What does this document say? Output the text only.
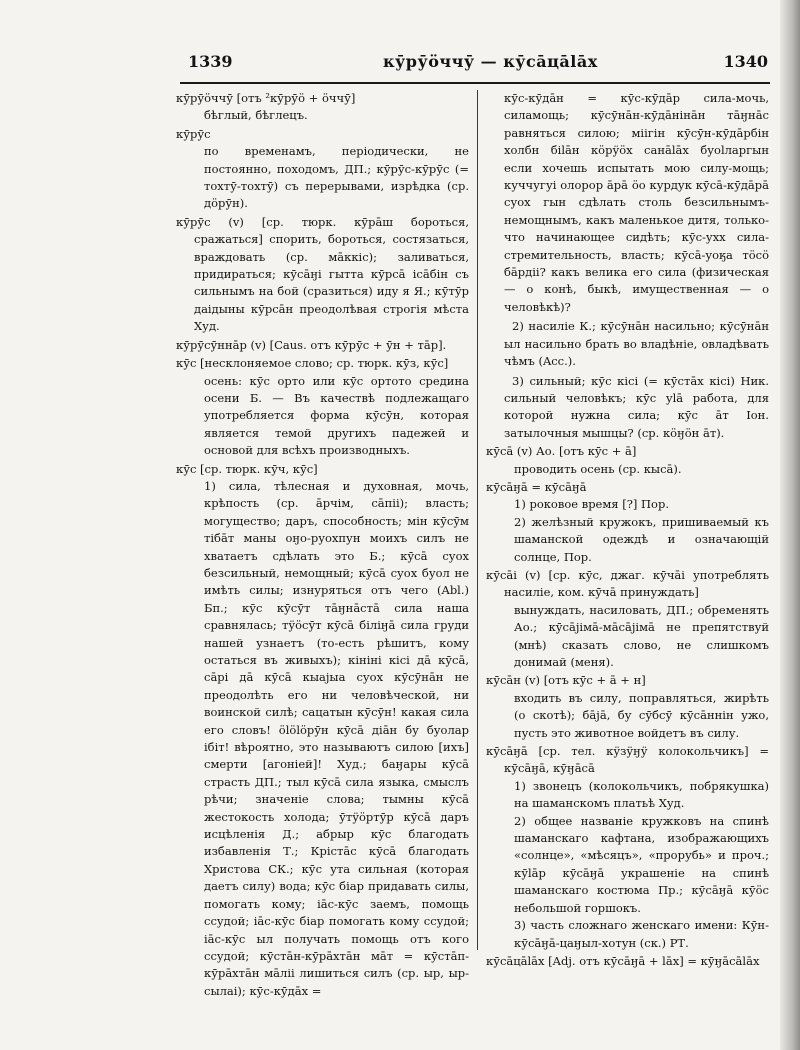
1339	кӯрӯӧччӯ — кӯсāцālāх	1340

кӯрӯӧччӯ [отъ ²кӯрӯӧ + ӧччӯ]

бѣглый, бѣглецъ.

кӯрӯс

по временамъ, періодически, не постоянно, походомъ, ДП.; кӯрӯс-кӯрӯс (= тохтӯ-тохтӯ) съ перерывами, изрѣдка (ср. дӧрӯн).

кӯрӯс (v) [ср. тюрк. кӯрāш бороться, сражаться] спорить, бороться, состязаться, враждовать (ср. мāккіс); заливаться, придираться; кӯсāӈі гытта кӯрсā ісāбін съ сильнымъ на бой (сразиться) иду я Я.; кӯтӯр даідыны кӯрсāн преодолѣвая строгія мѣста Худ.

кӯрӯсӯннāр (v) [Caus. отъ кӯрӯс + ӯн + тāр].

кӯс [несклоняемое слово; ср. тюрк. кӯз, кӯс]

осень: кӯс орто или кӯс ортото средина осени Б. — Въ качествѣ подлежащаго употребляется форма кӯсӯн, которая является темой другихъ падежей и основой для всѣхъ производныхъ.

кӯс [ср. тюрк. кӯч, кӯс]

1) сила, тѣлесная и духовная, мочь, крѣпость (ср. āрчім, сāпіі); власть; могущество; даръ, способность; мін кӯсӯм тібāт маны оӈо-руохпун моихъ силъ не хватаетъ сдѣлать это Б.; кӯсā суох безсильный, немощный; кӯсā суох буол не имѣть силы; изнуряться отъ чего (Abl.) Бп.; кӯс кӯсӯт тāӈнāстā сила наша сравнялась; тӱӧсӯт кӯсā біліӈā сила груди нашей узнаетъ (то-есть рѣшитъ, кому остаться въ живыхъ); кініні кісі дā кӯсā, сāрі дā кӯсā кыаjыа суох кӯсӯнāн не преодолѣть его ни человѣческой, ни воинской силѣ; сацатын кӯсӯн! какая сила его словъ! ӧlӧlӧрӯн кӯсā діāн бу буолар ібіт! вѣроятно, это называютъ силою [ихъ] смерти [агоніей]! Худ.; баӈары кӯсā страсть ДП.; тыл кӯсā сила языка, смыслъ рѣчи; значеніе слова; тымны кӯсā жестокость холода; ӯтӱӧртӯр кӯсā даръ исцѣленія Д.; абрыр кӯс благодать избавленія Т.; Крістāс кӯсā благодать Христова СК.; кӯс ута сильная (которая даетъ силу) вода; кӯс біар придавать силы, помогать кому; іāс-кӯс заемъ, помощь ссудой; іāс-кӯс біар помогать кому ссудой; іāс-кӯс ыл получать помощь отъ кого ссудой; кӯстāн-кӯрāхтāн мāт = кӯстāп-кӯрāхтāн мāліі лишиться силъ (ср. ыр, ыр-сылаі); кӯс-кӯдāх =

кӯс-кӯдāн = кӯс-кӯдāр сила-мочь, силамощь; кӯсӯнāн-кӯдāнінāн тāӈнāс равняться силою; міігін кӯсӯн-кӯдāрбін холбн біlāн кӧрӱӧх санālāх буоlларгын если хочешь испытать мою силу-мощь; куччугуі олорор āрā ӧо курдук кӯсā-кӯдāрā суох гын сдѣлать столь безсильнымъ-немощнымъ, какъ маленькое дитя, только-что начинающее сидѣть; кӯс-ухх сила-стремительность, власть; кӯсā-уоӄа тӧсӧ бāрдіі? какъ велика его сила (физическая — о конѣ, быкѣ, имущественная — о человѣкѣ)?

2) насиліе К.; кӯсӯнāн насильно; кӯсӯнāн ыл насильно брать во владѣніе, овладѣвать чѣмъ (Acc.).

3) сильный; кӯс кісі (= кӯстāх кісі) Ник. сильный человѣкъ; кӯс уlā работа, для которой нужна сила; кӯс āт Іон. затылочныя мышцы? (ср. кӧӈӧн āт).

кӯсā (v) Ао. [отъ кӯс + ā]

проводить осень (ср. кысā).

кӯсāӈā = кӯсāӈā

1) роковое время [?] Пор.
2) желѣзный кружокъ, пришиваемый къ шаманской одеждѣ и означающій солнце, Пор.

кӯсāі (v) [ср. кӯс, джаг. кӯчāі употреблять насиліе, ком. кӯчā принуждать]

вынуждать, насиловать, ДП.; обременять Ао.; кӯсājімā-мāсājімā не препятствуй (мнѣ) сказать слово, не слишкомъ донимай (меня).

кӯсāн (v) [отъ кӯс + ā + н]

входить въ силу, поправляться, жирѣть (о скотѣ); бājā, бу сӯбсӯ кӯсāннін ужо, пусть это животное войдетъ въ силу.

кӯсāӈā [ср. тел. кӱзӱӈӱ колокольчикъ] = кӯсāӈā, кӯӈāсā

1) звонецъ (колокольчикъ, побрякушка) на шаманскомъ платьѣ Худ.
2) общее названіе кружковъ на спинѣ шаманскаго кафтана, изображающихъ «солнце», «мѣсяцъ», «прорубь» и проч.; кӯlāр кӯсāӈā украшеніе на спинѣ шаманскаго костюма Пр.; кӯсāӈā кӯӧс небольшой горшокъ.
3) часть сложнаго женскаго имени: Кӯн-кӯсāӈā-цаӈыл-хотун (ск.) РТ.

кӯсāцālāх [Adj. отъ кӯсāӈā + lāх] = кӯӈāсālāх
